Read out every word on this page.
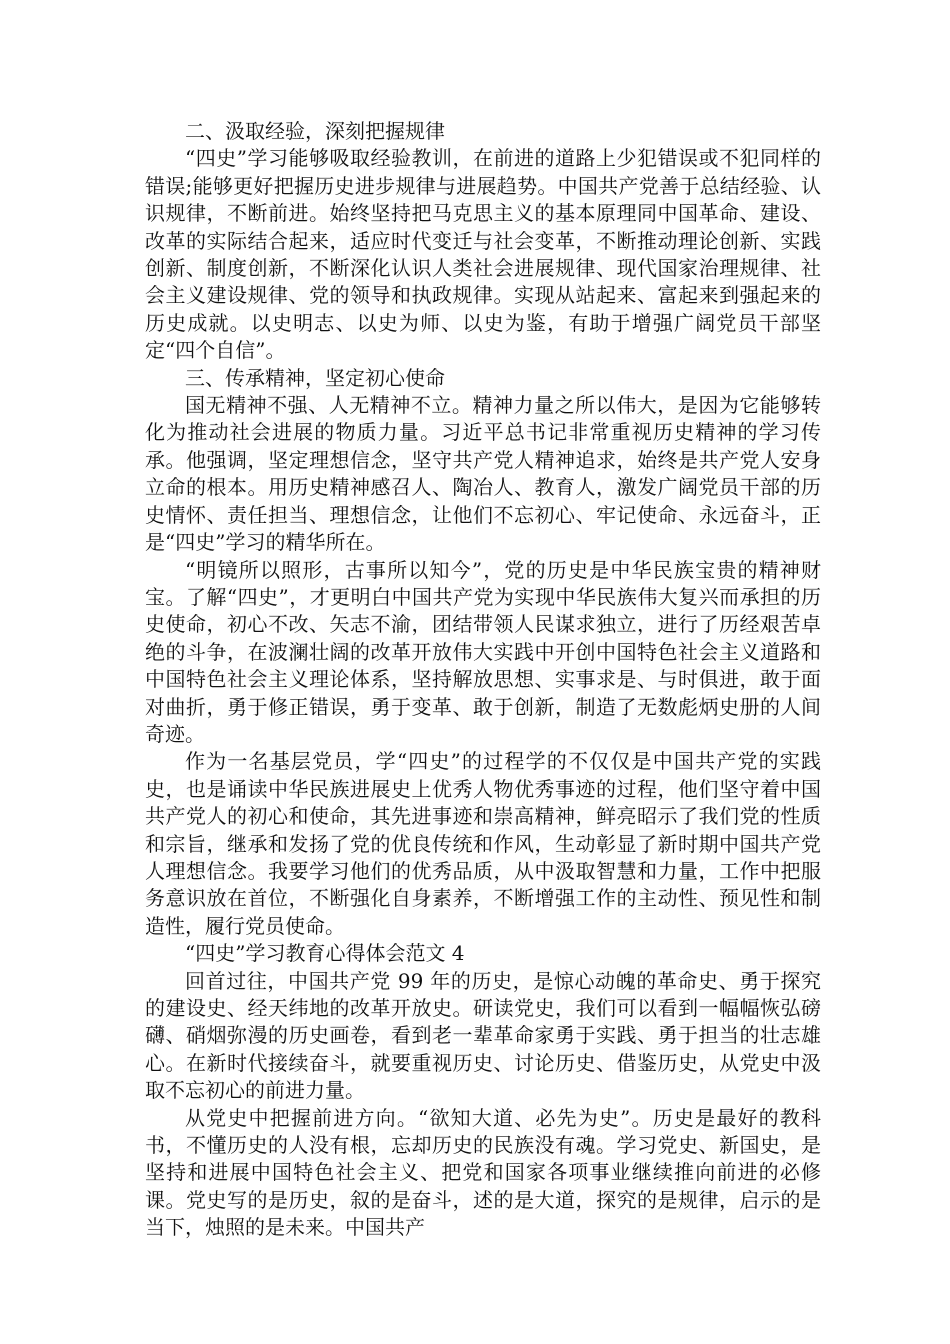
二、汲取经验，深刻把握规律

“四史”学习能够吸取经验教训，在前进的道路上少犯错误或不犯同样的错误;能够更好把握历史进步规律与进展趋势。中国共产党善于总结经验、认识规律，不断前进。始终坚持把马克思主义的基本原理同中国革命、建设、改革的实际结合起来，适应时代变迁与社会变革，不断推动理论创新、实践创新、制度创新，不断深化认识人类社会进展规律、现代国家治理规律、社会主义建设规律、党的领导和执政规律。实现从站起来、富起来到强起来的历史成就。以史明志、以史为师、以史为鉴，有助于增强广阔党员干部坚定“四个自信”。

三、传承精神，坚定初心使命

国无精神不强、人无精神不立。精神力量之所以伟大，是因为它能够转化为推动社会进展的物质力量。习近平总书记非常重视历史精神的学习传承。他强调，坚定理想信念，坚守共产党人精神追求，始终是共产党人安身立命的根本。用历史精神感召人、陶冶人、教育人，激发广阔党员干部的历史情怀、责任担当、理想信念，让他们不忘初心、牢记使命、永远奋斗，正是“四史”学习的精华所在。

“明镜所以照形，古事所以知今”，党的历史是中华民族宝贵的精神财宝。了解“四史”，才更明白中国共产党为实现中华民族伟大复兴而承担的历史使命，初心不改、矢志不渝，团结带领人民谋求独立，进行了历经艰苦卓绝的斗争，在波澜壮阔的改革开放伟大实践中开创中国特色社会主义道路和中国特色社会主义理论体系，坚持解放思想、实事求是、与时俱进，敢于面对曲折，勇于修正错误，勇于变革、敢于创新，制造了无数彪炳史册的人间奇迹。

作为一名基层党员，学“四史”的过程学的不仅仅是中国共产党的实践史，也是诵读中华民族进展史上优秀人物优秀事迹的过程，他们坚守着中国共产党人的初心和使命，其先进事迹和崇高精神，鲜亮昭示了我们党的性质和宗旨，继承和发扬了党的优良传统和作风，生动彰显了新时期中国共产党人理想信念。我要学习他们的优秀品质，从中汲取智慧和力量，工作中把服务意识放在首位，不断强化自身素养，不断增强工作的主动性、预见性和制造性，履行党员使命。

“四史”学习教育心得体会范文 4

回首过往，中国共产党 99 年的历史，是惊心动魄的革命史、勇于探究的建设史、经天纬地的改革开放史。研读党史，我们可以看到一幅幅恢弘磅礴、硝烟弥漫的历史画卷，看到老一辈革命家勇于实践、勇于担当的壮志雄心。在新时代接续奋斗，就要重视历史、讨论历史、借鉴历史，从党史中汲取不忘初心的前进力量。

从党史中把握前进方向。“欲知大道、必先为史”。历史是最好的教科书，不懂历史的人没有根，忘却历史的民族没有魂。学习党史、新国史，是坚持和进展中国特色社会主义、把党和国家各项事业继续推向前进的必修课。党史写的是历史，叙的是奋斗，述的是大道，探究的是规律，启示的是当下，烛照的是未来。中国共产
